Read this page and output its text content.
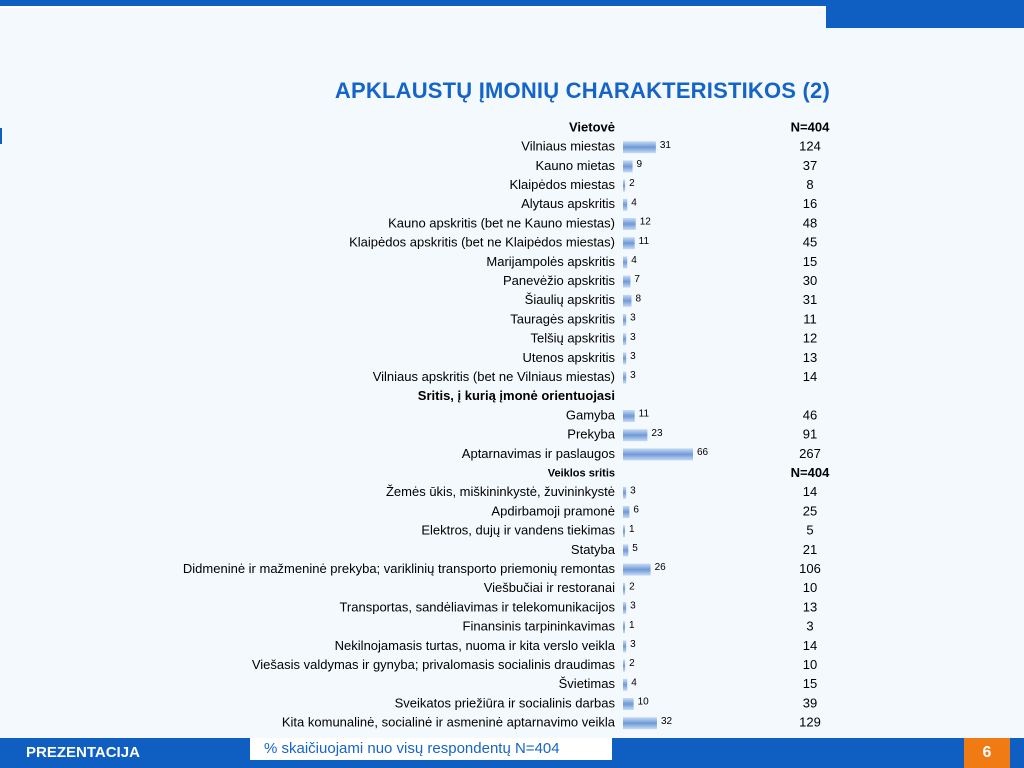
APKLAUSTŲ ĮMONIŲ CHARAKTERISTIKOS (2)
Vietovė	N=404
Vilniaus miestas	31	124
Kauno mietas 9	37
Klaipėdos miestas 2	8
Alytaus apskritis 4	16
Kauno apskritis (bet ne Kauno miestas) 12	48
Klaipėdos apskritis (bet ne Klaipėdos miestas) 11	45
Marijampolės apskritis 4	15
Panevėžio apskritis 7	30
Šiaulių apskritis 8	31
Tauragės apskritis 3	11
Telšių apskritis 3	12
Utenos apskritis 3	13
Vilniaus apskritis (bet ne Vilniaus miestas) 3	14
Sritis, į kurią įmonė orientuojasi
Gamyba 11	46
Prekyba	23	91
Aptarnavimas ir paslaugos	66	267
Veiklos sritis	N=404
Žemės ūkis, miškininkystė, žuvininkystė 3	14
Apdirbamoji pramonė 6	25
Elektros, dujų ir vandens tiekimas 1	5
Statyba 5	21
Didmeninė ir mažmeninė prekyba; variklinių transporto priemonių remontas	26	106
Viešbučiai ir restoranai 2	10
Transportas, sandėliavimas ir telekomunikacijos 3	13
Finansinis tarpininkavimas 1	3
Nekilnojamasis turtas, nuoma ir kita verslo veikla 3	14
Viešasis valdymas ir gynyba; privalomasis socialinis draudimas 2	10
Švietimas 4	15
Sveikatos priežiūra ir socialinis darbas 10	39
Kita komunalinė, socialinė ir asmeninė aptarnavimo veikla	32	129
PREZENTACIJA	% skaičiuojami nuo visų respondentų N=404	6
